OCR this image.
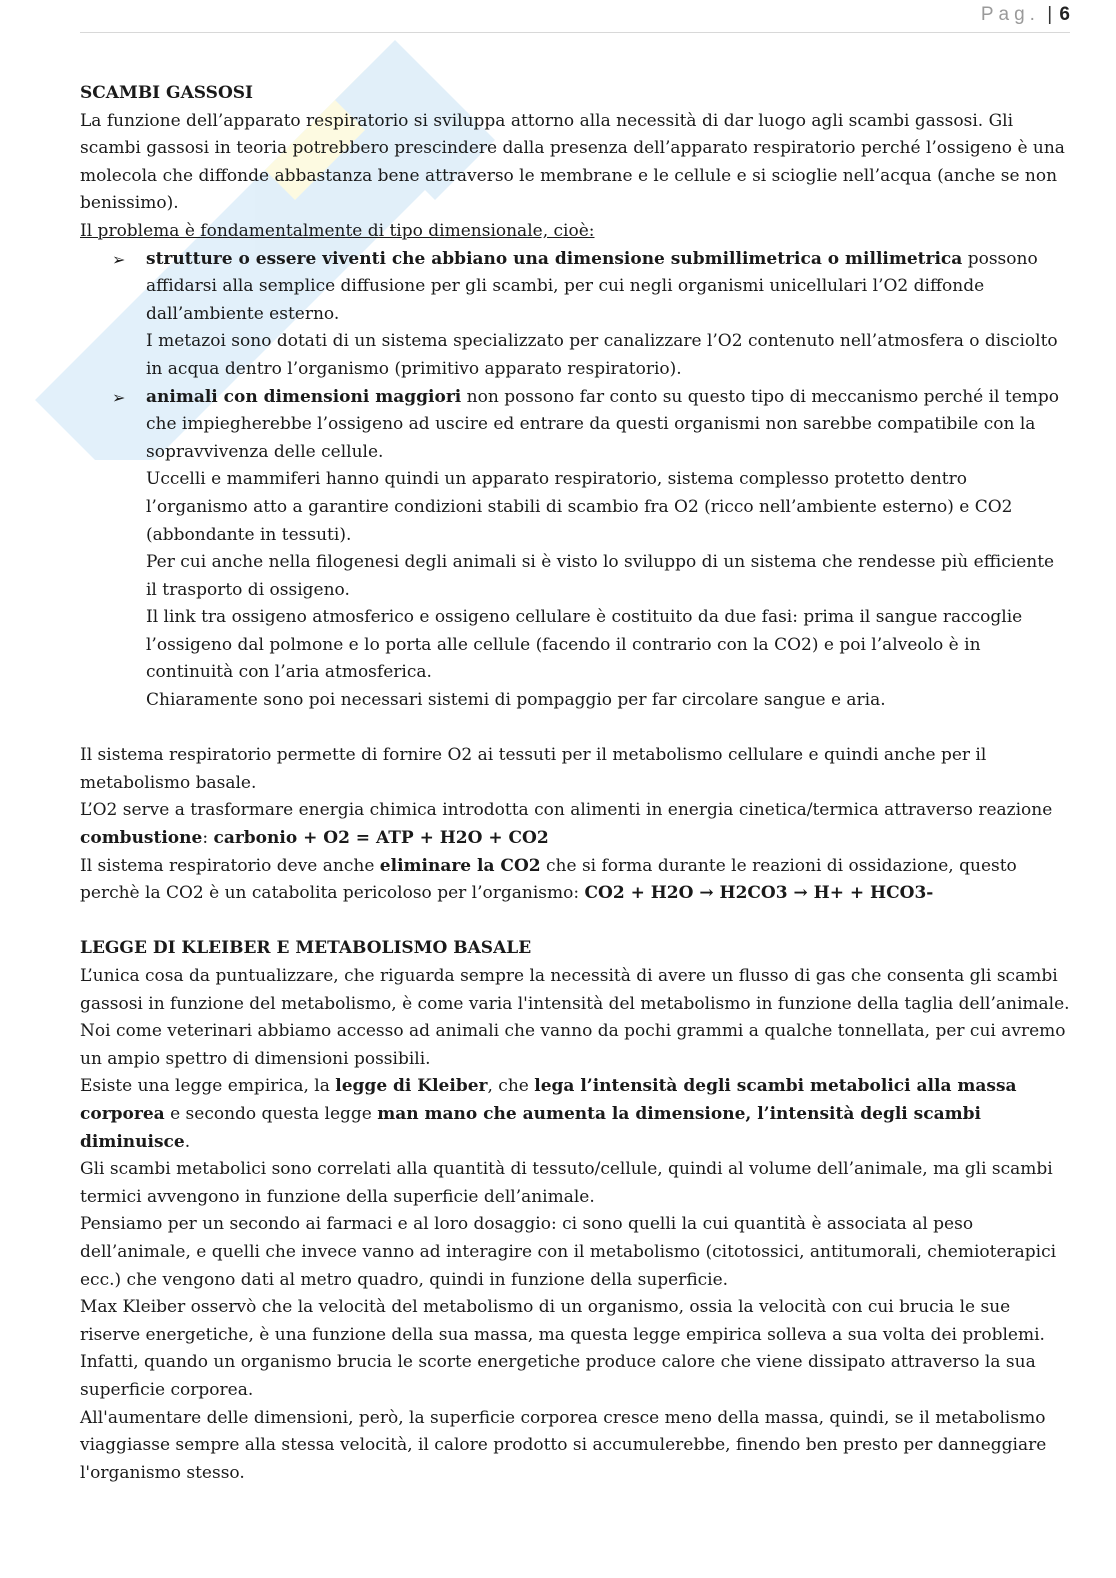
Pag. | 6

SCAMBI GASSOSI

La funzione dell’apparato respiratorio si sviluppa attorno alla necessità di dar luogo agli scambi gassosi. Gli scambi gassosi in teoria potrebbero prescindere dalla presenza dell’apparato respiratorio perché l’ossigeno è una molecola che diffonde abbastanza bene attraverso le membrane e le cellule e si scioglie nell’acqua (anche se non benissimo).

Il problema è fondamentalmente di tipo dimensionale, cioè:

➢ strutture o essere viventi che abbiano una dimensione submillimetrica o millimetrica possono affidarsi alla semplice diffusione per gli scambi, per cui negli organismi unicellulari l’O2 diffonde dall’ambiente esterno.

I metazoi sono dotati di un sistema specializzato per canalizzare l’O2 contenuto nell’atmosfera o disciolto in acqua dentro l’organismo (primitivo apparato respiratorio).

➢ animali con dimensioni maggiori non possono far conto su questo tipo di meccanismo perché il tempo che impiegherebbe l’ossigeno ad uscire ed entrare da questi organismi non sarebbe compatibile con la sopravvivenza delle cellule.

Uccelli e mammiferi hanno quindi un apparato respiratorio, sistema complesso protetto dentro l’organismo atto a garantire condizioni stabili di scambio fra O2 (ricco nell’ambiente esterno) e CO2 (abbondante in tessuti).

Per cui anche nella filogenesi degli animali si è visto lo sviluppo di un sistema che rendesse più efficiente il trasporto di ossigeno.

Il link tra ossigeno atmosferico e ossigeno cellulare è costituito da due fasi: prima il sangue raccoglie l’ossigeno dal polmone e lo porta alle cellule (facendo il contrario con la CO2) e poi l’alveolo è in continuità con l’aria atmosferica.

Chiaramente sono poi necessari sistemi di pompaggio per far circolare sangue e aria.

Il sistema respiratorio permette di fornire O2 ai tessuti per il metabolismo cellulare e quindi anche per il metabolismo basale.

L’O2 serve a trasformare energia chimica introdotta con alimenti in energia cinetica/termica attraverso reazione
combustione: carbonio + O2 = ATP + H2O + CO2

Il sistema respiratorio deve anche eliminare la CO2 che si forma durante le reazioni di ossidazione, questo perchè la CO2 è un catabolita pericoloso per l’organismo: CO2 + H2O → H2CO3 → H+ + HCO3-

LEGGE DI KLEIBER E METABOLISMO BASALE

L’unica cosa da puntualizzare, che riguarda sempre la necessità di avere un flusso di gas che consenta gli scambi gassosi in funzione del metabolismo, è come varia l'intensità del metabolismo in funzione della taglia dell’animale. Noi come veterinari abbiamo accesso ad animali che vanno da pochi grammi a qualche tonnellata, per cui avremo un ampio spettro di dimensioni possibili.

Esiste una legge empirica, la legge di Kleiber, che lega l’intensità degli scambi metabolici alla massa corporea e secondo questa legge man mano che aumenta la dimensione, l’intensità degli scambi diminuisce.

Gli scambi metabolici sono correlati alla quantità di tessuto/cellule, quindi al volume dell’animale, ma gli scambi termici avvengono in funzione della superficie dell’animale.

Pensiamo per un secondo ai farmaci e al loro dosaggio: ci sono quelli la cui quantità è associata al peso dell’animale, e quelli che invece vanno ad interagire con il metabolismo (citotossici, antitumorali, chemioterapici ecc.) che vengono dati al metro quadro, quindi in funzione della superficie.

Max Kleiber osservò che la velocità del metabolismo di un organismo, ossia la velocità con cui brucia le sue riserve energetiche, è una funzione della sua massa, ma questa legge empirica solleva a sua volta dei problemi.

Infatti, quando un organismo brucia le scorte energetiche produce calore che viene dissipato attraverso la sua superficie corporea.

All'aumentare delle dimensioni, però, la superficie corporea cresce meno della massa, quindi, se il metabolismo viaggiasse sempre alla stessa velocità, il calore prodotto si accumulerebbe, finendo ben presto per danneggiare l'organismo stesso.
